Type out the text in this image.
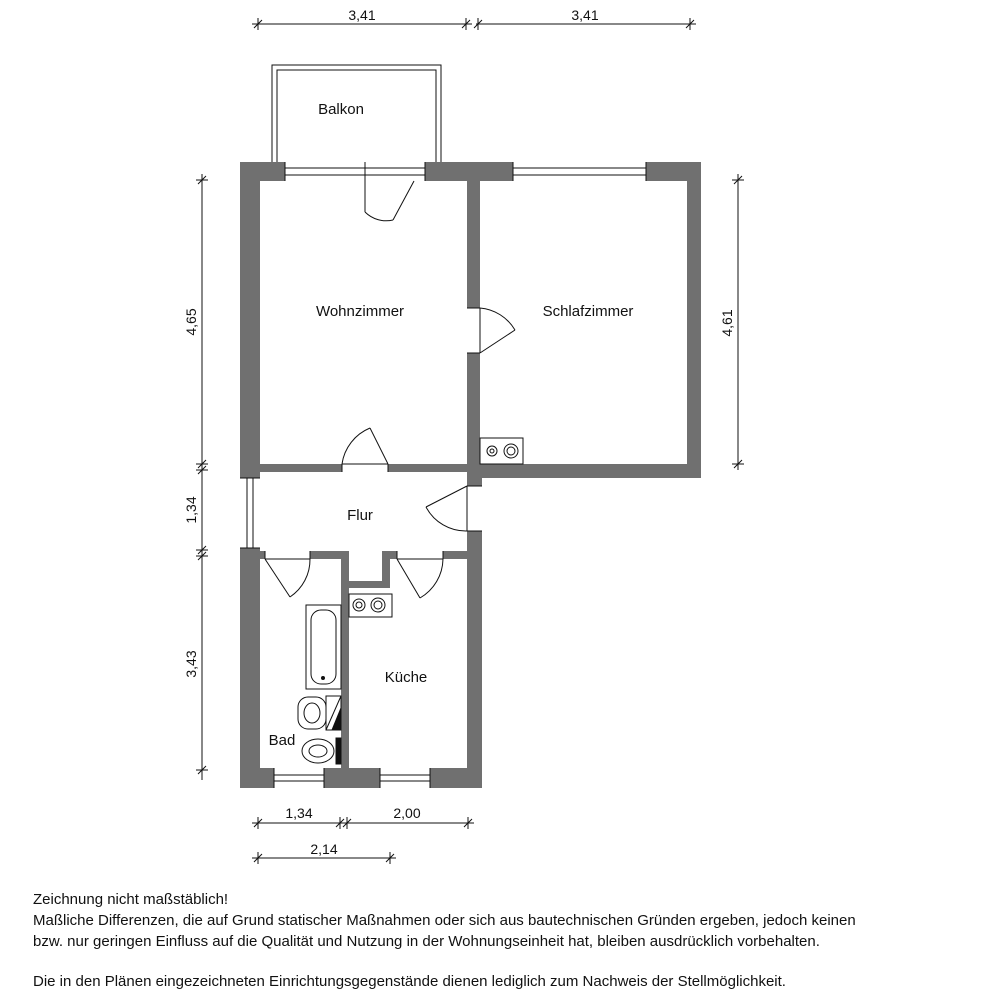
Balkon
Wohnzimmer	Schlafzimmer
Flur
Küche
Bad
3,41	3,41
4,65
1,34
3,43
4,61
1,34	2,00
2,14

Zeichnung nicht maßstäblich!

Maßliche Differenzen, die auf Grund statischer Maßnahmen oder sich aus bautechnischen Gründen ergeben, jedoch keinen

bzw. nur geringen Einfluss auf die Qualität und Nutzung in der Wohnungseinheit hat, bleiben ausdrücklich vorbehalten.

Die in den Plänen eingezeichneten Einrichtungsgegenstände dienen lediglich zum Nachweis der Stellmöglichkeit.
